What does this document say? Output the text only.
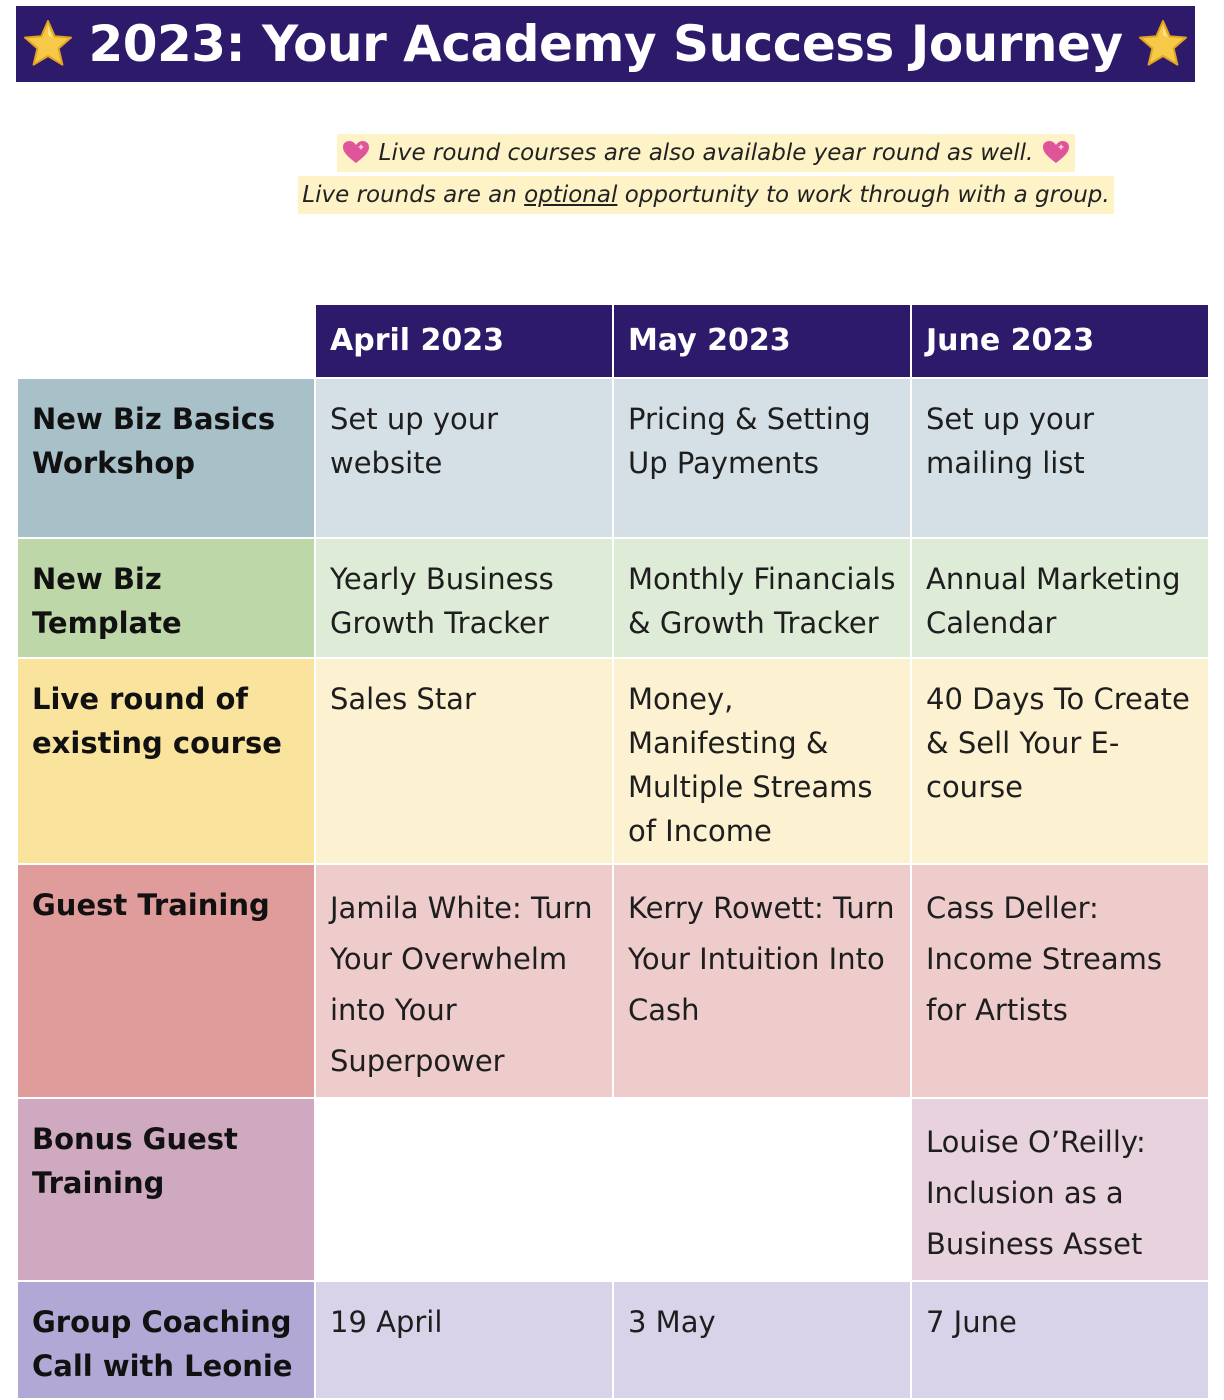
2023: Your Academy Success Journey
Live round courses are also available year round as well.
Live rounds are an optional opportunity to work through with a group.
	April 2023	May 2023	June 2023
New Biz Basics Workshop	Set up your website	Pricing & Setting Up Payments	Set up your mailing list
New Biz Template	Yearly Business Growth Tracker	Monthly Financials & Growth Tracker	Annual Marketing Calendar
Live round of existing course	Sales Star	Money, Manifesting & Multiple Streams of Income	40 Days To Create & Sell Your E-course
Guest Training	Jamila White: Turn Your Overwhelm into Your Superpower	Kerry Rowett: Turn Your Intuition Into Cash	Cass Deller: Income Streams for Artists
Bonus Guest Training			Louise O’Reilly: Inclusion as a Business Asset
Group Coaching Call with Leonie	19 April	3 May	7 June
